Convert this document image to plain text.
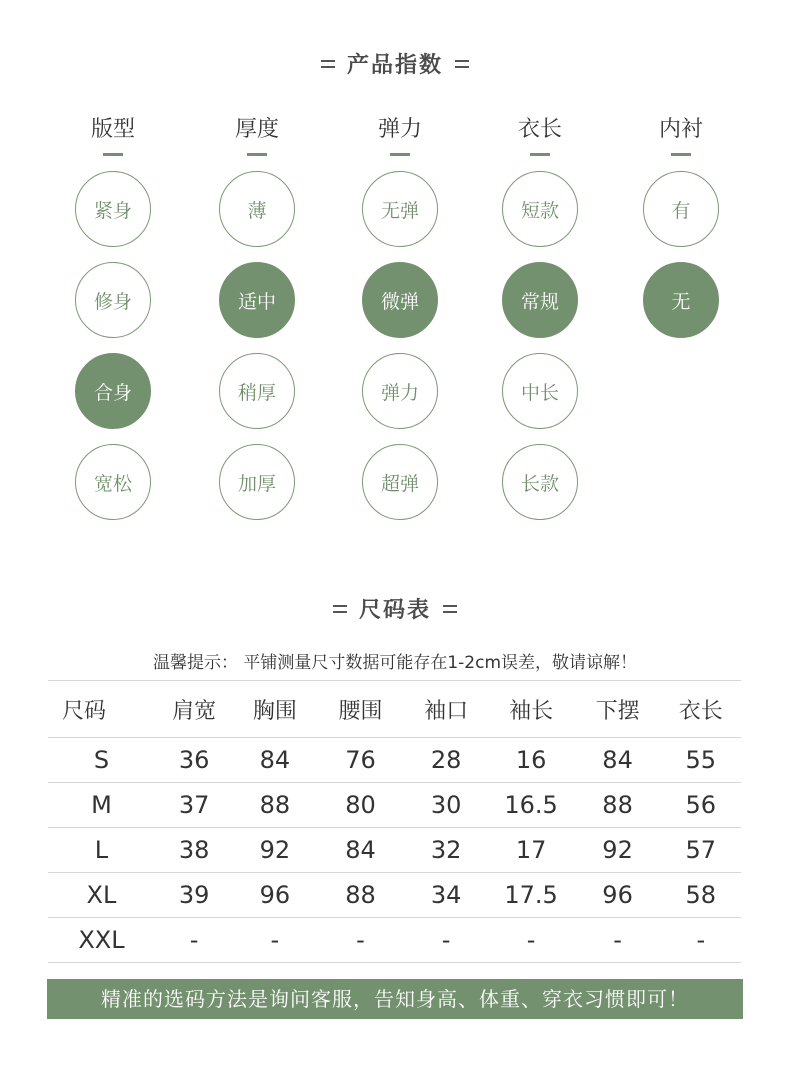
产品指数
版型
紧身
修身
合身
宽松
厚度
薄
适中
稍厚
加厚
弹力
无弹
微弹
弹力
超弹
衣长
短款
常规
中长
长款
内衬
有
无
尺码表
温馨提示： 平铺测量尺寸数据可能存在1-2cm误差，敬请谅解！
尺码	肩宽	胸围	腰围	袖口	袖长	下摆	衣长
S	36	84	76	28	16	84	55
M	37	88	80	30	16.5	88	56
L	38	92	84	32	17	92	57
XL	39	96	88	34	17.5	96	58
XXL	-	-	-	-	-	-	-
精准的选码方法是询问客服，告知身高、体重、穿衣习惯即可！
